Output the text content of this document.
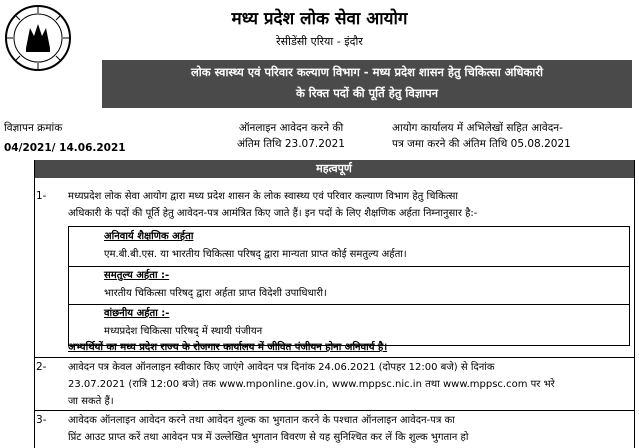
मध्य प्रदेश लोक सेवा आयोग
रेसीडेंसी एरिया - इंदौर
लोक स्वास्थ्य एवं परिवार कल्याण विभाग - मध्य प्रदेश शासन हेतु चिकित्सा अधिकारी
के रिक्त पदों की पूर्ति हेतु विज्ञापन
विज्ञापन क्रमांक
04/2021/ 14.06.2021
ऑनलाइन आवेदन करने की
अंतिम तिथि 23.07.2021
आयोग कार्यालय में अभिलेखों सहित आवेदन-
पत्र जमा करने की अंतिम तिथि 05.08.2021
महत्वपूर्ण
1- मध्यप्रदेश लोक सेवा आयोग द्वारा मध्य प्रदेश शासन के लोक स्वास्थ्य एवं परिवार कल्याण विभाग हेतु चिकित्सा
अधिकारी के पदों की पूर्ति हेतु आवेदन-पत्र आमंत्रित किए जाते हैं। इन पदों के लिए शैक्षणिक अर्हता निम्नानुसार है:-
अनिवार्य शैक्षणिक अर्हता
एम.बी.बी.एस. या भारतीय चिकित्सा परिषद् द्वारा मान्यता प्राप्त कोई समतुल्य अर्हता।
समतुल्य अर्हता :-
भारतीय चिकित्सा परिषद् द्वारा अर्हता प्राप्त विदेशी उपाधिधारी।
वांछनीय अर्हता :-
मध्यप्रदेश चिकित्सा परिषद् में स्थायी पंजीयन
अभ्यर्थियों का मध्य प्रदेश राज्य के रोजगार कार्यालय में जीवित पंजीयन होना अनिवार्य है।
2- आवेदन पत्र केवल ऑनलाइन स्वीकार किए जाएंगे आवेदन पत्र दिनांक 24.06.2021 (दोपहर 12:00 बजे) से दिनांक
23.07.2021 (रात्रि 12:00 बजे) तक www.mponline.gov.in, www.mppsc.nic.in तथा www.mppsc.com पर भरे
जा सकते हैं।
3- आवेदक ऑनलाइन आवेदन करने तथा आवेदन शुल्क का भुगतान करने के पश्चात ऑनलाइन आवेदन-पत्र का
प्रिंट आउट प्राप्त करें तथा आवेदन पत्र में उल्लेखित भुगतान विवरण से यह सुनिश्चित कर लें कि शुल्क भुगतान हो
